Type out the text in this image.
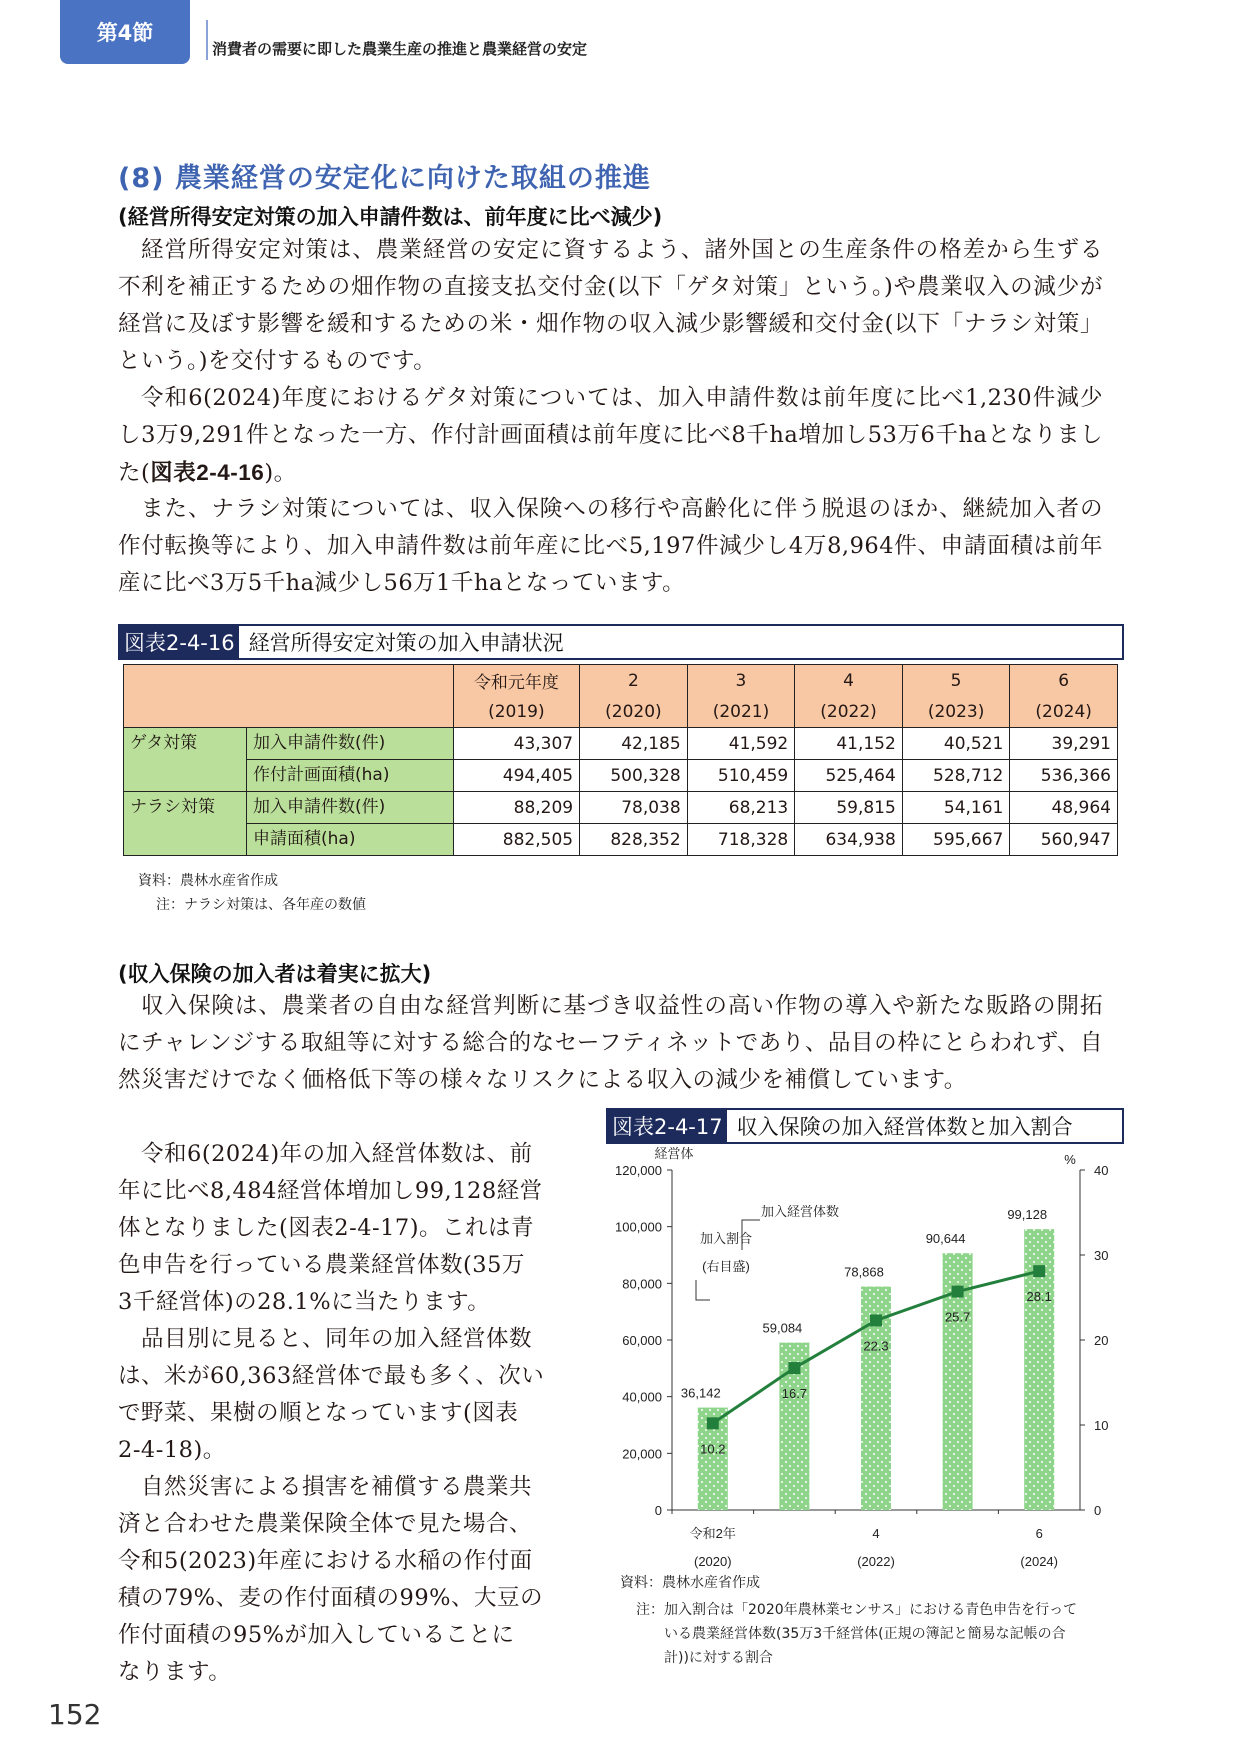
第4節
消費者の需要に即した農業生産の推進と農業経営の安定
(8) 農業経営の安定化に向けた取組の推進
(経営所得安定対策の加入申請件数は、前年度に比べ減少)
経営所得安定対策は、農業経営の安定に資するよう、諸外国との生産条件の格差から生ずる不利を補正するための畑作物の直接支払交付金(以下「ゲタ対策」という。)や農業収入の減少が経営に及ぼす影響を緩和するための米・畑作物の収入減少影響緩和交付金(以下「ナラシ対策」という。)を交付するものです。
令和6(2024)年度におけるゲタ対策については、加入申請件数は前年度に比べ1,230件減少し3万9,291件となった一方、作付計画面積は前年度に比べ8千ha増加し53万6千haとなりました(図表2-4-16)。
また、ナラシ対策については、収入保険への移行や高齢化に伴う脱退のほか、継続加入者の作付転換等により、加入申請件数は前年産に比べ5,197件減少し4万8,964件、申請面積は前年産に比べ3万5千ha減少し56万1千haとなっています。
図表2-4-16 経営所得安定対策の加入申請状況
		令和元年度	2	3	4	5	6
		(2019)	(2020)	(2021)	(2022)	(2023)	(2024)
ゲタ対策	加入申請件数(件)	43,307	42,185	41,592	41,152	40,521	39,291
	作付計画面積(ha)	494,405	500,328	510,459	525,464	528,712	536,366
ナラシ対策	加入申請件数(件)	88,209	78,038	68,213	59,815	54,161	48,964
	申請面積(ha)	882,505	828,352	718,328	634,938	595,667	560,947
資料：農林水産省作成
注：ナラシ対策は、各年産の数値
(収入保険の加入者は着実に拡大)
収入保険は、農業者の自由な経営判断に基づき収益性の高い作物の導入や新たな販路の開拓にチャレンジする取組等に対する総合的なセーフティネットであり、品目の枠にとらわれず、自然災害だけでなく価格低下等の様々なリスクによる収入の減少を補償しています。
令和6(2024)年の加入経営体数は、前
年に比べ8,484経営体増加し99,128経営
体となりました(図表2-4-17)。これは青
色申告を行っている農業経営体数(35万
3千経営体)の28.1%に当たります。
品目別に見ると、同年の加入経営体数
は、米が60,363経営体で最も多く、次い
で野菜、果樹の順となっています(図表
2-4-18)。
自然災害による損害を補償する農業共
済と合わせた農業保険全体で見た場合、
令和5(2023)年産における水稲の作付面
積の79%、麦の作付面積の99%、大豆の
作付面積の95%が加入していることに
なります。
図表2-4-17 収入保険の加入経営体数と加入割合
0
20,000
40,000
60,000
80,000
100,000
120,000
0
10
20
30
40
経営体	%
令和2年
(2020)
4
(2022)
6
(2024)
36,142
59,084
78,868
90,644
99,128
10.2
16.7
22.3
25.7
28.1
加入経営体数
加入割合
(右目盛)
資料：農林水産省作成
注：加入割合は「2020年農林業センサス」における青色申告を行って
いる農業経営体数(35万3千経営体(正規の簿記と簡易な記帳の合
計))に対する割合
152
